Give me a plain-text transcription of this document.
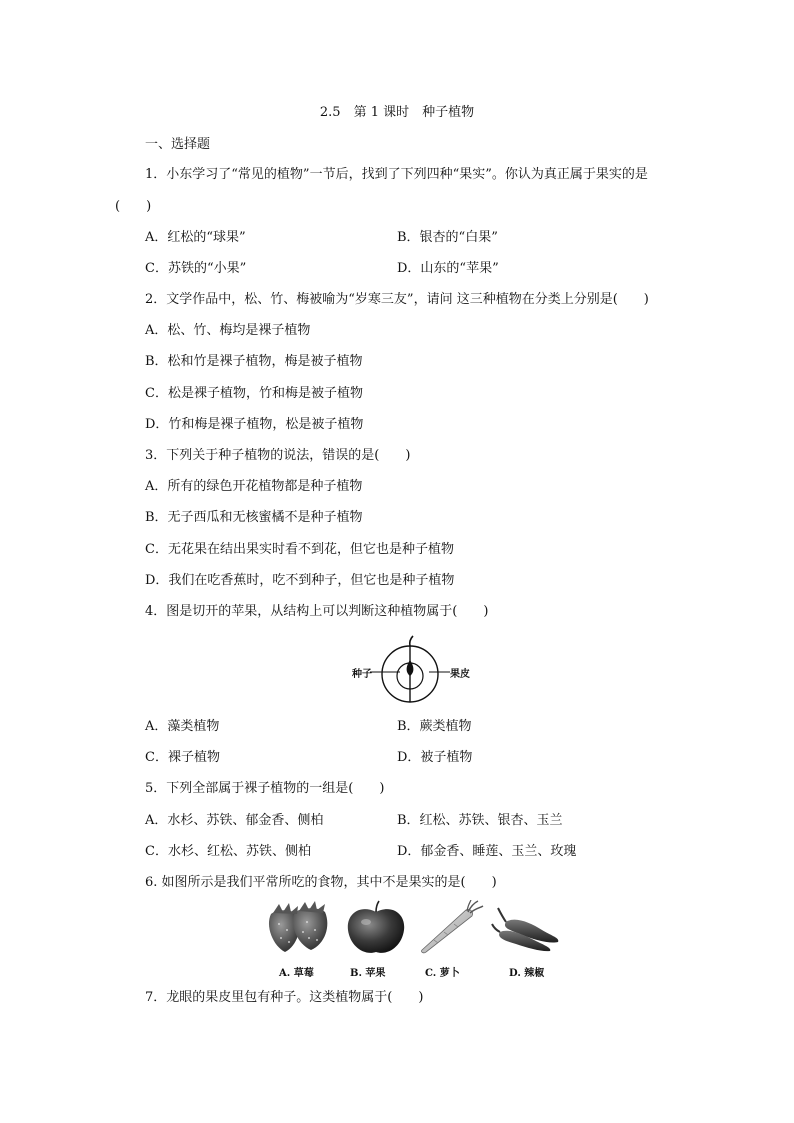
2.5　第 1 课时　种子植物
一、选择题
1．小东学习了“常见的植物”一节后，找到了下列四种“果实”。你认为真正属于果实的是
(　　)
A．红松的“球果”	B．银杏的“白果”
C．苏铁的“小果”	D．山东的“苹果”
2．文学作品中，松、竹、梅被喻为“岁寒三友”，请问 这三种植物在分类上分别是(　　)
A．松、竹、梅均是裸子植物
B．松和竹是裸子植物，梅是被子植物
C．松是裸子植物，竹和梅是被子植物
D．竹和梅是裸子植物，松是被子植物
3．下列关于种子植物的说法，错误的是(　　)
A．所有的绿色开花植物都是种子植物
B．无子西瓜和无核蜜橘不是种子植物
C．无花果在结出果实时看不到花，但它也是种子植物
D．我们在吃香蕉时，吃不到种子，但它也是种子植物
4．图是切开的苹果，从结构上可以判断这种植物属于(　　)
种子	果皮
A．藻类植物	B．蕨类植物
C．裸子植物	D．被子植物
5．下列全部属于裸子植物的一组是(　　)
A．水杉、苏铁、郁金香、侧柏	B．红松、苏铁、银杏、玉兰
C．水杉、红松、苏铁、侧柏	D．郁金香、睡莲、玉兰、玫瑰
6. 如图所示是我们平常所吃的食物，其中不是果实的是(　　)
A. 草莓	B. 苹果	C. 萝卜	D. 辣椒
7．龙眼的果皮里包有种子。这类植物属于(　　)
